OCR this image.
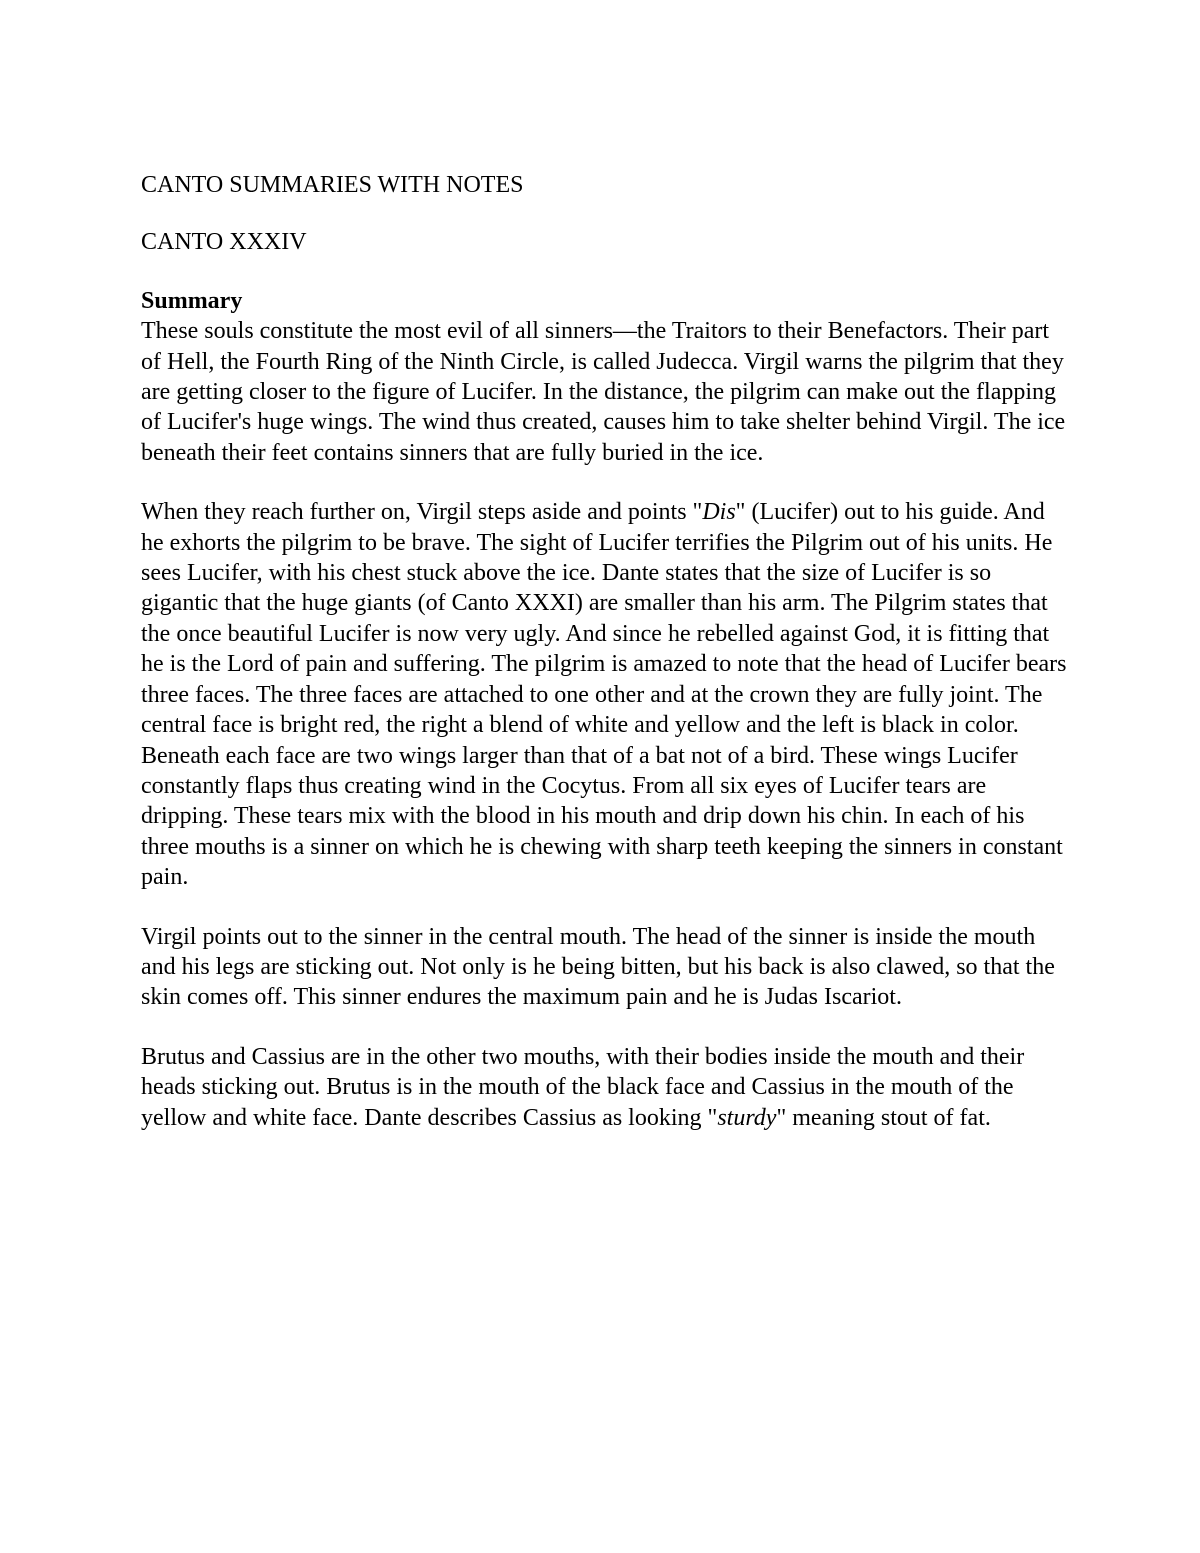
CANTO SUMMARIES WITH NOTES

CANTO XXXIV

Summary

These souls constitute the most evil of all sinners—the Traitors to their Benefactors. Their part of Hell, the Fourth Ring of the Ninth Circle, is called Judecca. Virgil warns the pilgrim that they are getting closer to the figure of Lucifer. In the distance, the pilgrim can make out the flapping of Lucifer's huge wings. The wind thus created, causes him to take shelter behind Virgil. The ice beneath their feet contains sinners that are fully buried in the ice.

When they reach further on, Virgil steps aside and points "Dis" (Lucifer) out to his guide. And he exhorts the pilgrim to be brave. The sight of Lucifer terrifies the Pilgrim out of his units. He sees Lucifer, with his chest stuck above the ice. Dante states that the size of Lucifer is so gigantic that the huge giants (of Canto XXXI) are smaller than his arm. The Pilgrim states that the once beautiful Lucifer is now very ugly. And since he rebelled against God, it is fitting that he is the Lord of pain and suffering. The pilgrim is amazed to note that the head of Lucifer bears three faces. The three faces are attached to one other and at the crown they are fully joint. The central face is bright red, the right a blend of white and yellow and the left is black in color. Beneath each face are two wings larger than that of a bat not of a bird. These wings Lucifer constantly flaps thus creating wind in the Cocytus. From all six eyes of Lucifer tears are dripping. These tears mix with the blood in his mouth and drip down his chin. In each of his three mouths is a sinner on which he is chewing with sharp teeth keeping the sinners in constant pain.

Virgil points out to the sinner in the central mouth. The head of the sinner is inside the mouth and his legs are sticking out. Not only is he being bitten, but his back is also clawed, so that the skin comes off. This sinner endures the maximum pain and he is Judas Iscariot.

Brutus and Cassius are in the other two mouths, with their bodies inside the mouth and their heads sticking out. Brutus is in the mouth of the black face and Cassius in the mouth of the yellow and white face. Dante describes Cassius as looking "sturdy" meaning stout of fat.
